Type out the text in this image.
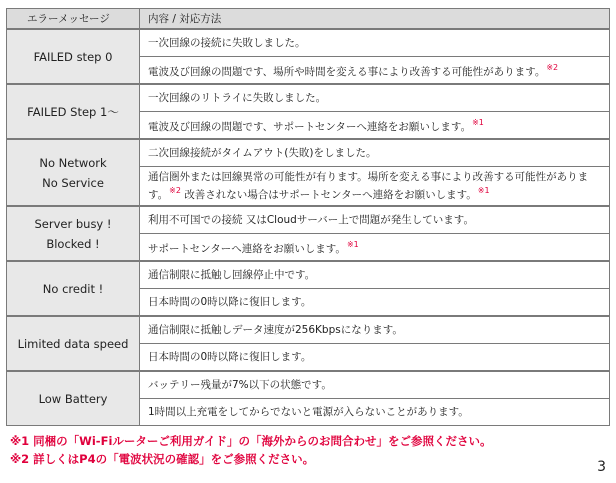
エラーメッセージ	内容 / 対応方法

FAILED step 0	一次回線の接続に失敗しました。
	電波及び回線の問題です、場所や時間を変える事により改善する可能性があります。$^{※2}$

FAILED Step 1～	一次回線のリトライに失敗しました。
	電波及び回線の問題です、サポートセンターへ連絡をお願いします。$^{※1}$

No Network
No Service	二次回線接続がタイムアウト(失敗)をしました。
	通信圏外または回線異常の可能性が有ります。場所を変える事により改善する可能性があります。$^{※2}$ 改善されない場合はサポートセンターへ連絡をお願いします。$^{※1}$

Server busy !
Blocked !	利用不可国での接続 又はCloudサーバー上で問題が発生しています。
	サポートセンターへ連絡をお願いします。$^{※1}$

No credit !	通信制限に抵触し回線停止中です。
	日本時間の0時以降に復旧します。

Limited data speed	通信制限に抵触しデータ速度が256Kbpsになります。
	日本時間の0時以降に復旧します。

Low Battery	バッテリー残量が7%以下の状態です。
	1時間以上充電をしてからでないと電源が入らないことがあります。
※1 同梱の「Wi-Fiルーターご利用ガイド」の「海外からのお問合わせ」をご参照ください。
※2 詳しくはP4の「電波状況の確認」をご参照ください。	3
